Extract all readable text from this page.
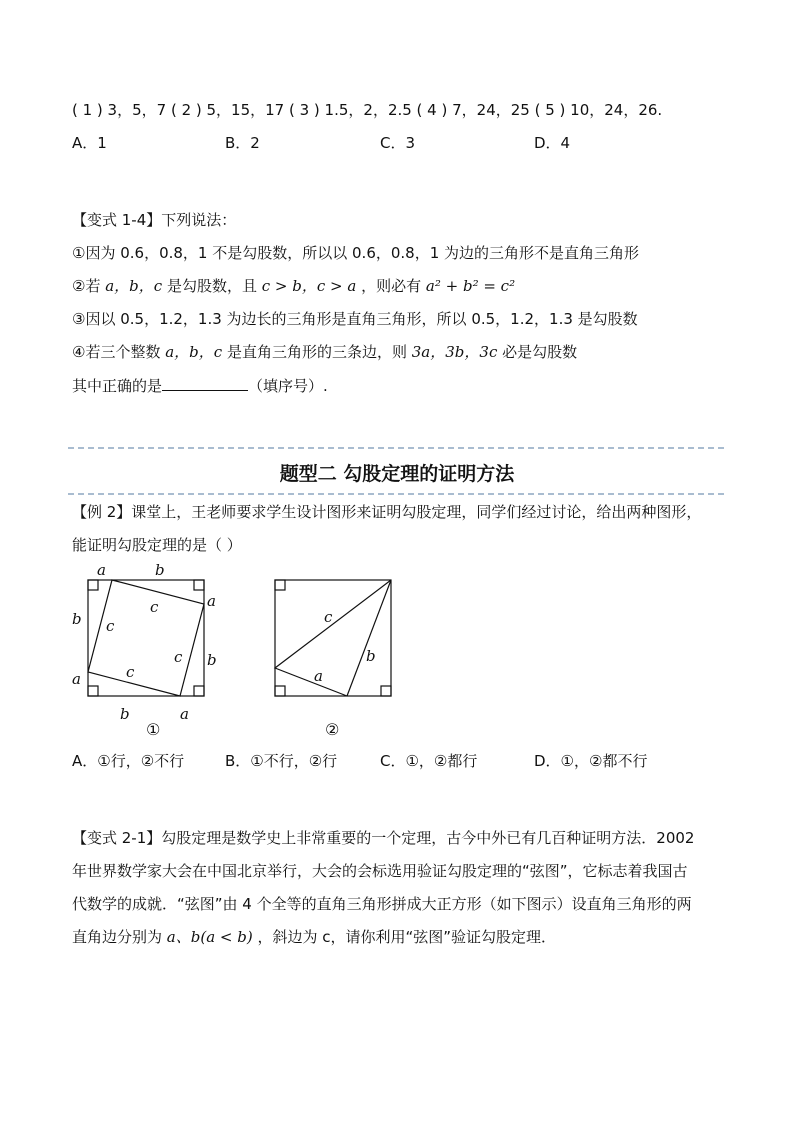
( 1 ) 3，5，7 ( 2 ) 5，15，17 ( 3 ) 1.5，2，2.5 ( 4 ) 7，24，25 ( 5 ) 10，24，26.
A．1	B．2	C．3	D．4
【变式 1-4】下列说法：
①因为 0.6，0.8，1 不是勾股数，所以以 0.6，0.8，1 为边的三角形不是直角三角形
②若 a，b，c 是勾股数，且 c > b，c > a ，则必有 a² + b² = c²
③因以 0.5，1.2，1.3 为边长的三角形是直角三角形，所以 0.5，1.2，1.3 是勾股数
④若三个整数 a，b，c 是直角三角形的三条边，则 3a，3b，3c 必是勾股数
其中正确的是	（填序号）.
题型二 勾股定理的证明方法
【例 2】课堂上，王老师要求学生设计图形来证明勾股定理，同学们经过讨论，给出两种图形，
能证明勾股定理的是（ ）
a	b
b
a
a
b
b	a
c
c
c
c
①
c
b
a
②
A．①行，②不行	B．①不行，②行	C．①，②都行	D．①，②都不行
【变式 2-1】勾股定理是数学史上非常重要的一个定理，古今中外已有几百种证明方法．2002
年世界数学家大会在中国北京举行，大会的会标选用验证勾股定理的“弦图”，它标志着我国古
代数学的成就．“弦图”由 4 个全等的直角三角形拼成大正方形（如下图示）设直角三角形的两
直角边分别为 a、b(a < b) ，斜边为 c，请你利用“弦图”验证勾股定理．
